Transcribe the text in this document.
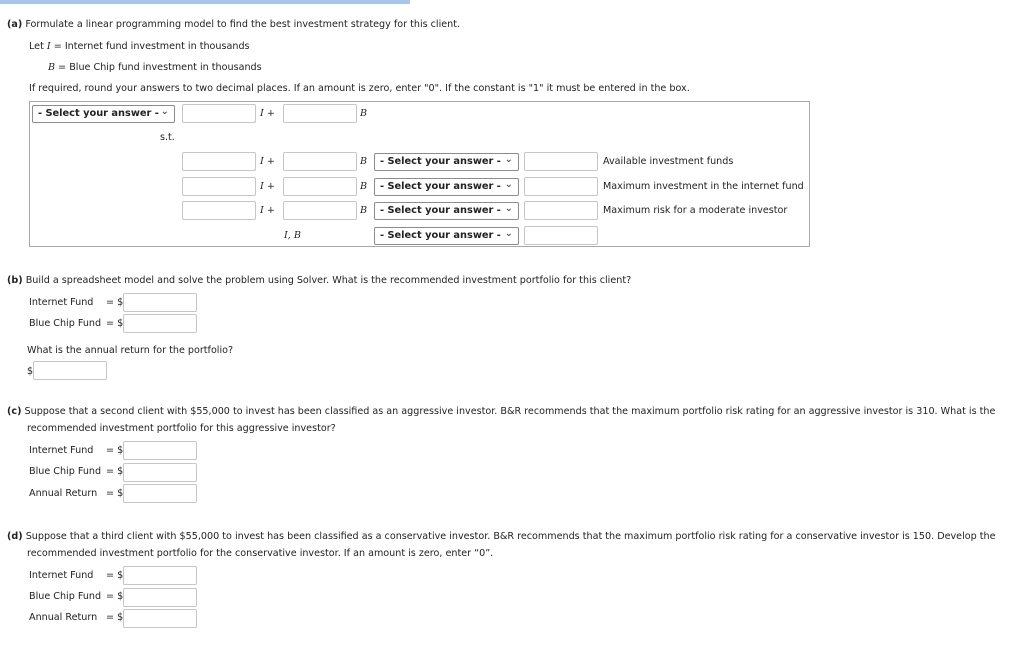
(a) Formulate a linear programming model to find the best investment strategy for this client.
Let I = Internet fund investment in thousands
B = Blue Chip fund investment in thousands
If required, round your answers to two decimal places. If an amount is zero, enter "0". If the constant is "1" it must be entered in the box.
- Select your answer - ⌄	I +	B
s.t.
I +	B	- Select your answer - ⌄	Available investment funds
I +	B	- Select your answer - ⌄	Maximum investment in the internet fund
I +	B	- Select your answer - ⌄	Maximum risk for a moderate investor
I, B	- Select your answer - ⌄
(b) Build a spreadsheet model and solve the problem using Solver. What is the recommended investment portfolio for this client?
Internet Fund = $
Blue Chip Fund = $
What is the annual return for the portfolio?
$
(c) Suppose that a second client with $55,000 to invest has been classified as an aggressive investor. B&R recommends that the maximum portfolio risk rating for an aggressive investor is 310. What is the
recommended investment portfolio for this aggressive investor?
Internet Fund = $
Blue Chip Fund = $
Annual Return = $
(d) Suppose that a third client with $55,000 to invest has been classified as a conservative investor. B&R recommends that the maximum portfolio risk rating for a conservative investor is 150. Develop the
recommended investment portfolio for the conservative investor. If an amount is zero, enter “0”.
Internet Fund = $
Blue Chip Fund = $
Annual Return = $
